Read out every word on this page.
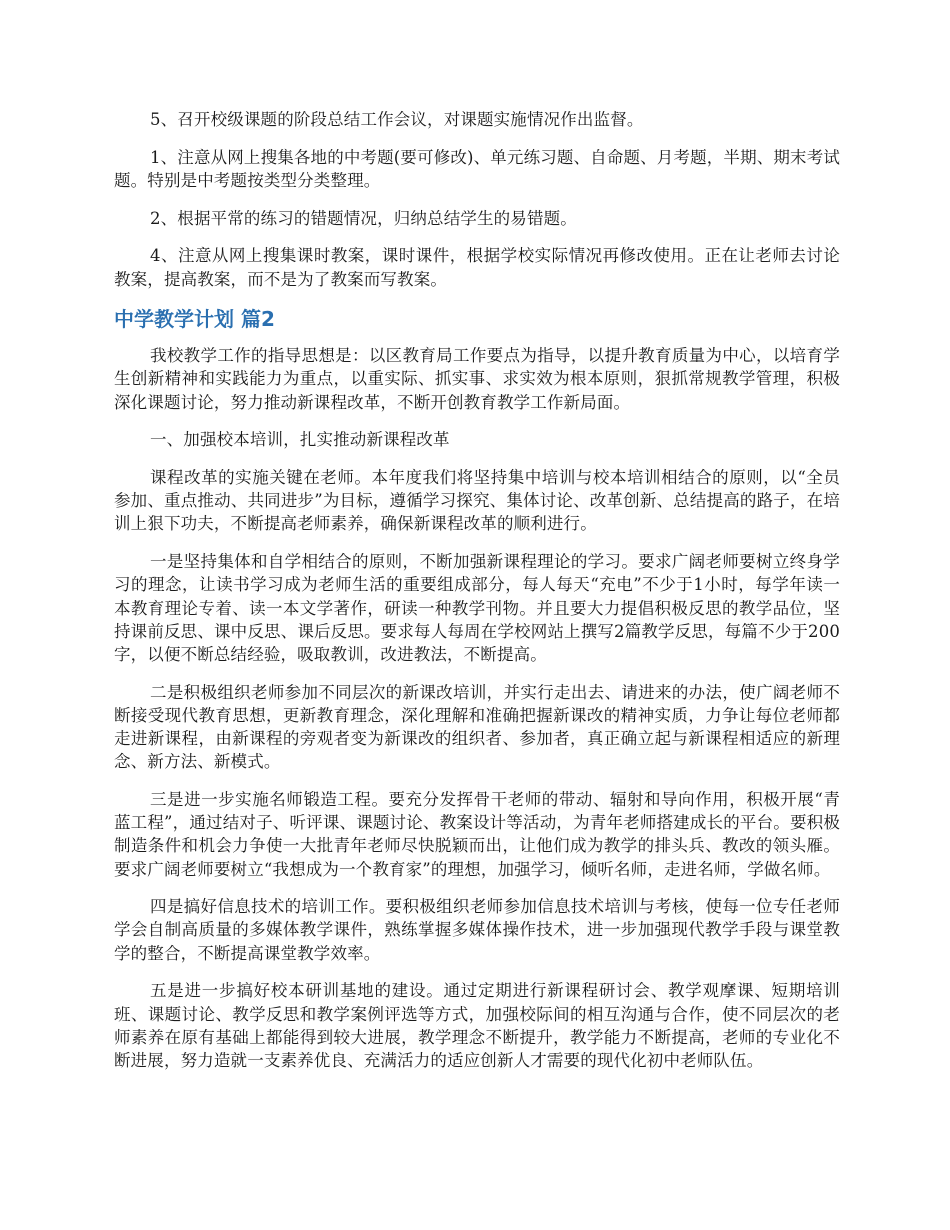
5、召开校级课题的阶段总结工作会议，对课题实施情况作出监督。

1、注意从网上搜集各地的中考题(要可修改)、单元练习题、自命题、月考题，半期、期末考试题。特别是中考题按类型分类整理。

2、根据平常的练习的错题情况，归纳总结学生的易错题。

4、注意从网上搜集课时教案，课时课件，根据学校实际情况再修改使用。正在让老师去讨论教案，提高教案，而不是为了教案而写教案。

中学教学计划 篇2

我校教学工作的指导思想是：以区教育局工作要点为指导，以提升教育质量为中心，以培育学生创新精神和实践能力为重点，以重实际、抓实事、求实效为根本原则，狠抓常规教学管理，积极深化课题讨论，努力推动新课程改革，不断开创教育教学工作新局面。

一、加强校本培训，扎实推动新课程改革

课程改革的实施关键在老师。本年度我们将坚持集中培训与校本培训相结合的原则，以“全员参加、重点推动、共同进步”为目标，遵循学习探究、集体讨论、改革创新、总结提高的路子，在培训上狠下功夫，不断提高老师素养，确保新课程改革的顺利进行。

一是坚持集体和自学相结合的原则，不断加强新课程理论的学习。要求广阔老师要树立终身学习的理念，让读书学习成为老师生活的重要组成部分，每人每天“充电”不少于1小时，每学年读一本教育理论专着、读一本文学著作，研读一种教学刊物。并且要大力提倡积极反思的教学品位，坚持课前反思、课中反思、课后反思。要求每人每周在学校网站上撰写2篇教学反思，每篇不少于200字，以便不断总结经验，吸取教训，改进教法，不断提高。

二是积极组织老师参加不同层次的新课改培训，并实行走出去、请进来的办法，使广阔老师不断接受现代教育思想，更新教育理念，深化理解和准确把握新课改的精神实质，力争让每位老师都走进新课程，由新课程的旁观者变为新课改的组织者、参加者，真正确立起与新课程相适应的新理念、新方法、新模式。

三是进一步实施名师锻造工程。要充分发挥骨干老师的带动、辐射和导向作用，积极开展“青蓝工程”，通过结对子、听评课、课题讨论、教案设计等活动，为青年老师搭建成长的平台。要积极制造条件和机会力争使一大批青年老师尽快脱颖而出，让他们成为教学的排头兵、教改的领头雁。要求广阔老师要树立“我想成为一个教育家”的理想，加强学习，倾听名师，走进名师，学做名师。

四是搞好信息技术的培训工作。要积极组织老师参加信息技术培训与考核，使每一位专任老师学会自制高质量的多媒体教学课件，熟练掌握多媒体操作技术，进一步加强现代教学手段与课堂教学的整合，不断提高课堂教学效率。

五是进一步搞好校本研训基地的建设。通过定期进行新课程研讨会、教学观摩课、短期培训班、课题讨论、教学反思和教学案例评选等方式，加强校际间的相互沟通与合作，使不同层次的老师素养在原有基础上都能得到较大进展，教学理念不断提升，教学能力不断提高，老师的专业化不断进展，努力造就一支素养优良、充满活力的适应创新人才需要的现代化初中老师队伍。
